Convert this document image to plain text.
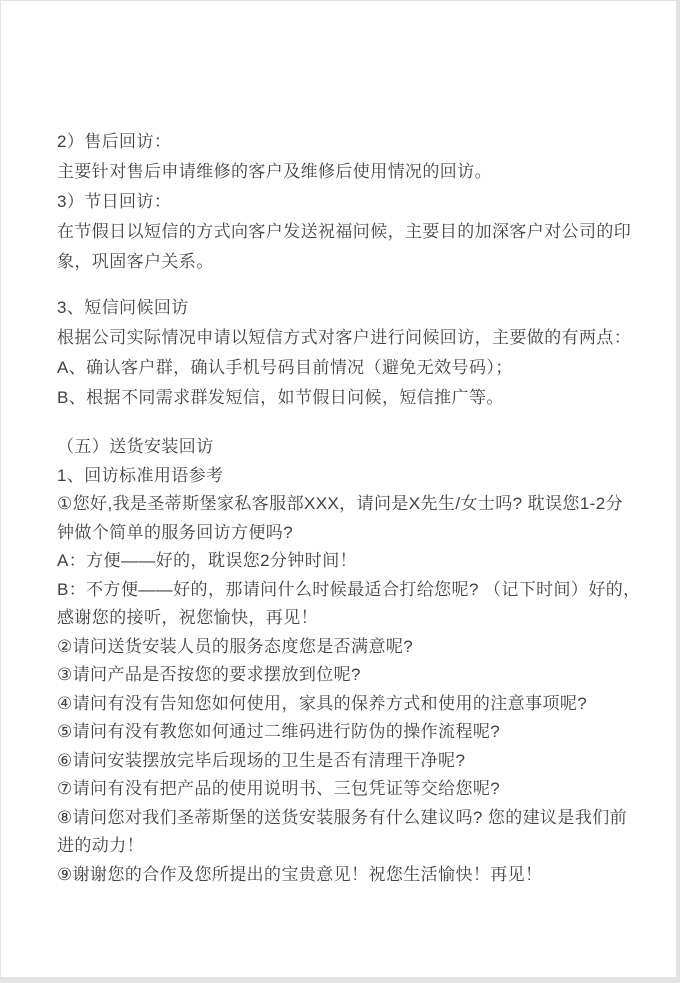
2）售后回访：

主要针对售后申请维修的客户及维修后使用情况的回访。

3）节日回访：

在节假日以短信的方式向客户发送祝福问候，主要目的加深客户对公司的印

象，巩固客户关系。

3、短信问候回访

根据公司实际情况申请以短信方式对客户进行问候回访，主要做的有两点：

A、确认客户群，确认手机号码目前情况（避免无效号码）；

B、根据不同需求群发短信，如节假日问候，短信推广等。

（五）送货安装回访

1、回访标准用语参考

①您好,我是圣蒂斯堡家私客服部XXX，请问是X先生/女士吗? 耽误您1-2分

钟做个简单的服务回访方便吗?

A：方便——好的，耽误您2分钟时间！

B：不方便——好的，那请问什么时候最适合打给您呢? （记下时间）好的，

感谢您的接听，祝您愉快，再见！

②请问送货安装人员的服务态度您是否满意呢?

③请问产品是否按您的要求摆放到位呢?

④请问有没有告知您如何使用，家具的保养方式和使用的注意事项呢?

⑤请问有没有教您如何通过二维码进行防伪的操作流程呢?

⑥请问安装摆放完毕后现场的卫生是否有清理干净呢?

⑦请问有没有把产品的使用说明书、三包凭证等交给您呢?

⑧请问您对我们圣蒂斯堡的送货安装服务有什么建议吗? 您的建议是我们前

进的动力！

⑨谢谢您的合作及您所提出的宝贵意见！祝您生活愉快！再见！
